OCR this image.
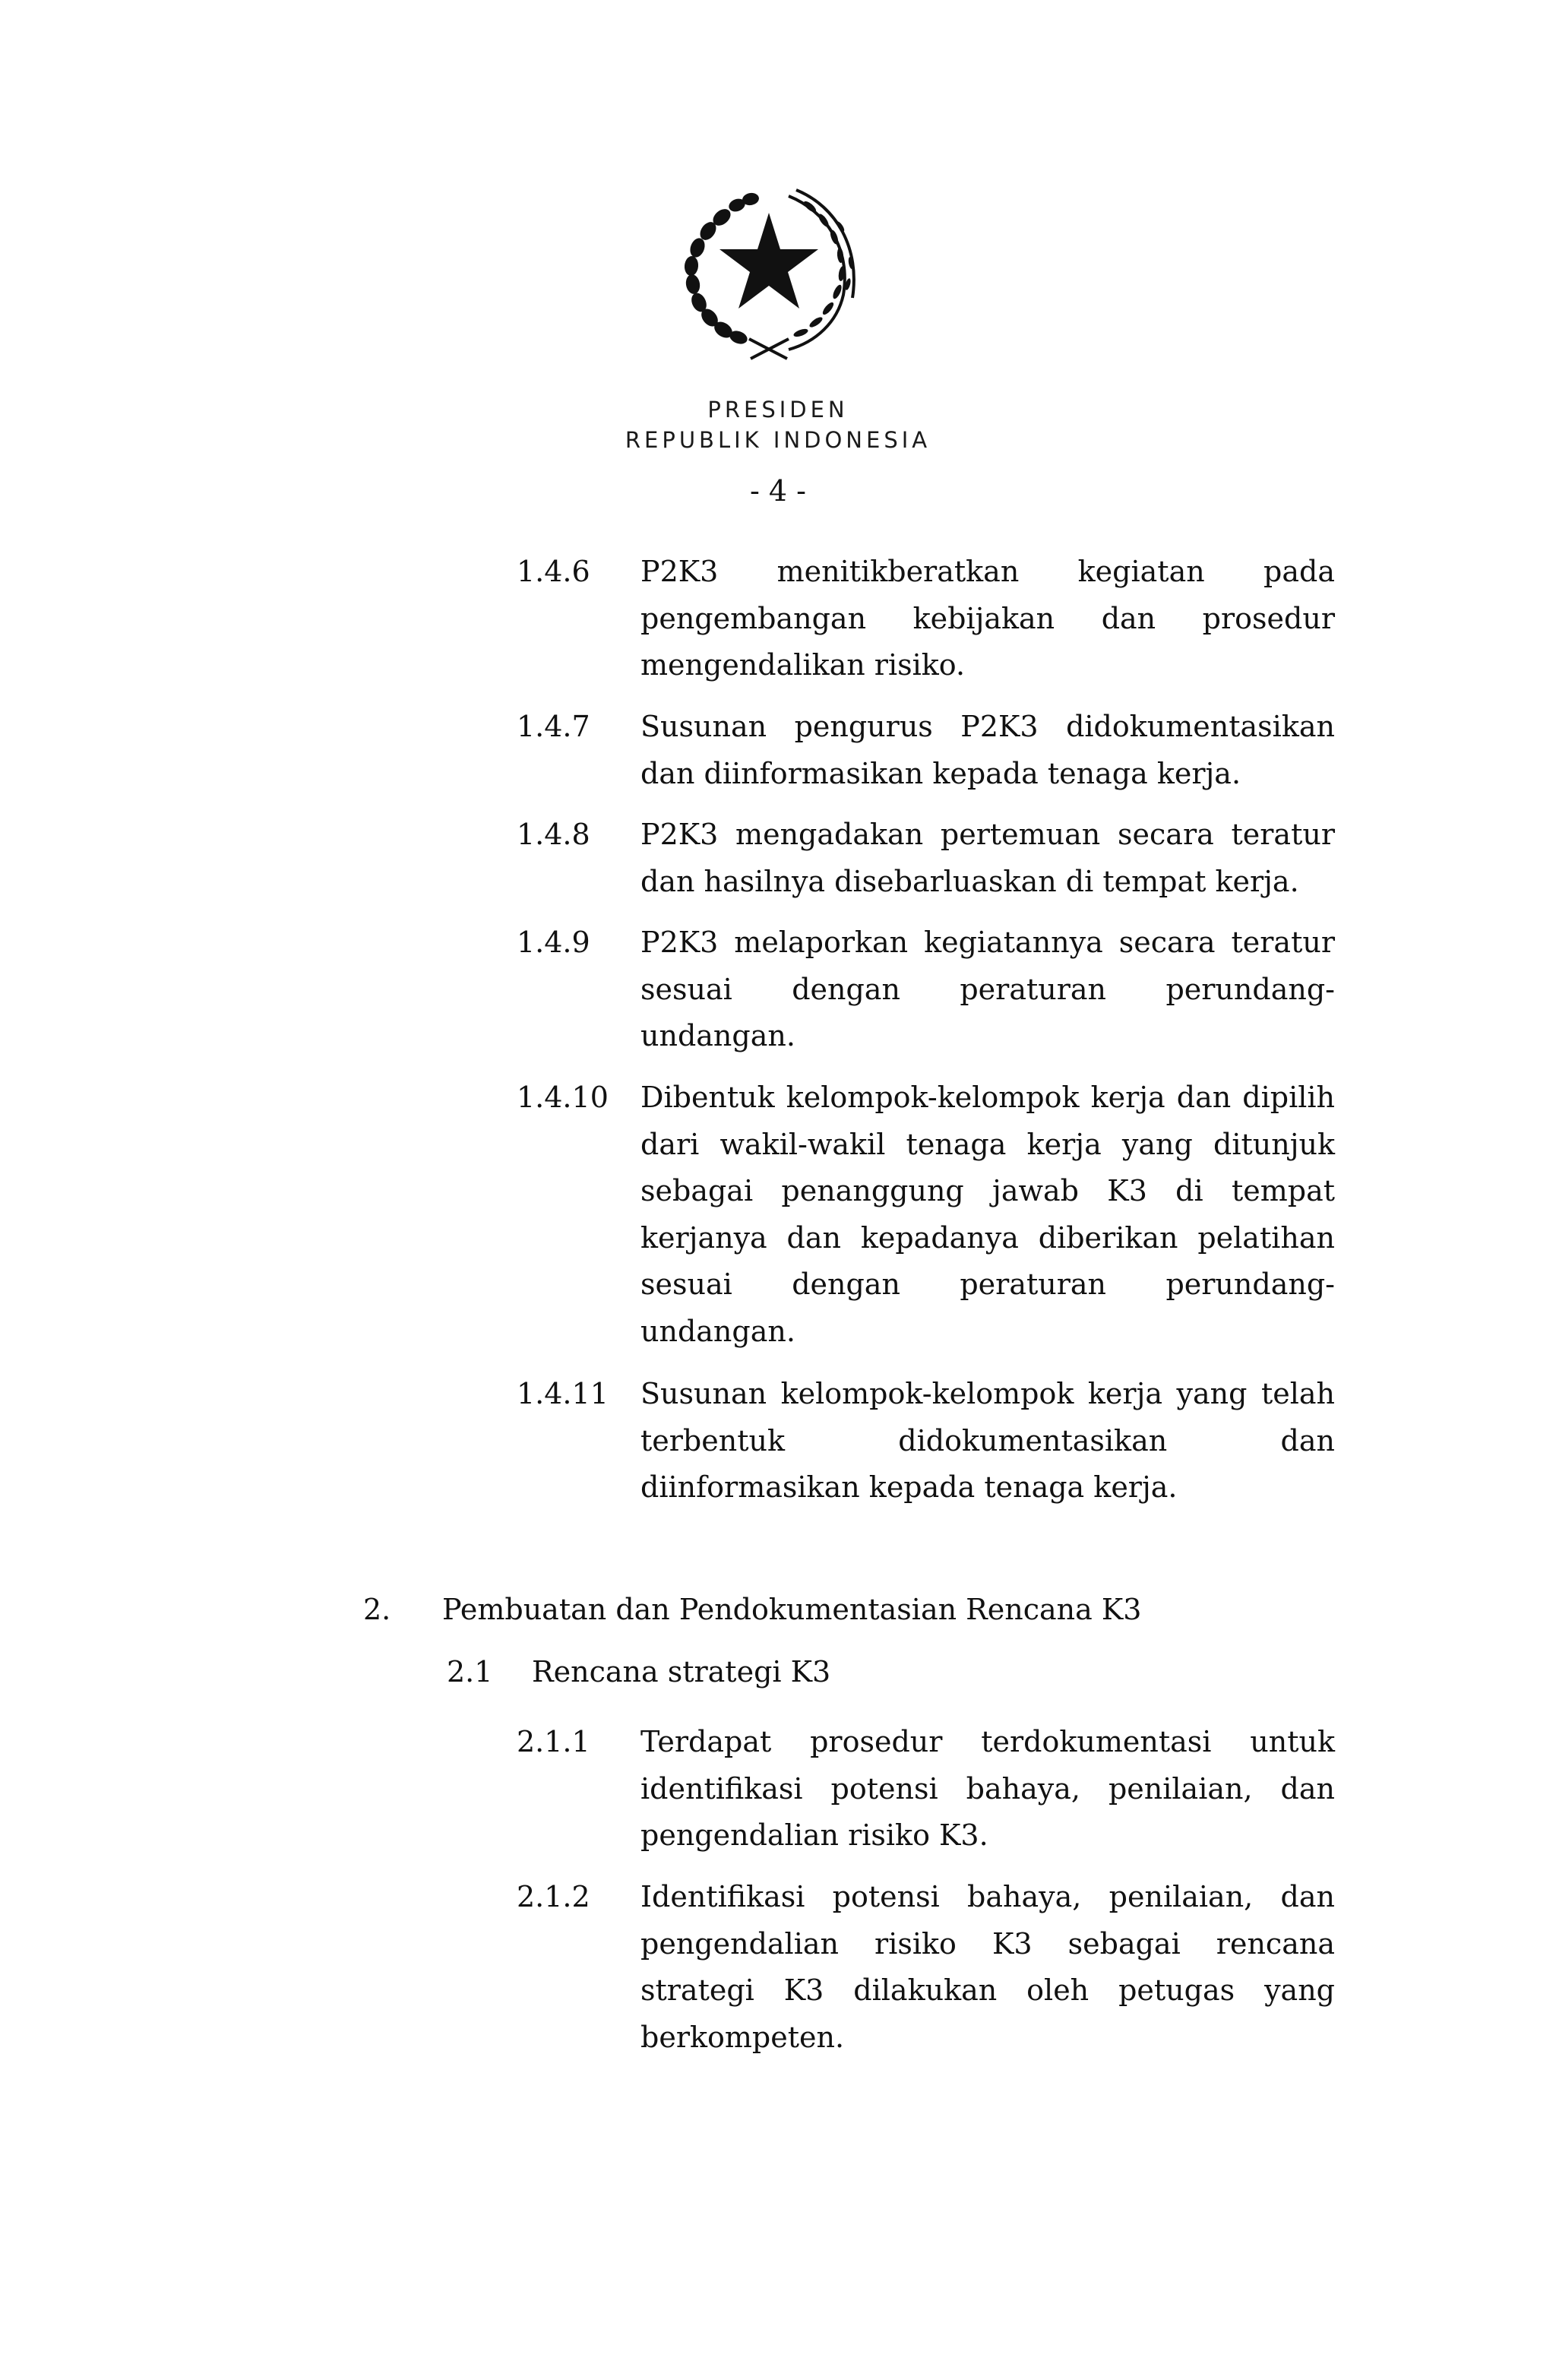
PRESIDEN
REPUBLIK INDONESIA
- 4 -
1.4.6 P2K3 menitikberatkan kegiatan pada pengembangan kebijakan dan prosedur mengendalikan risiko.
1.4.7 Susunan pengurus P2K3 didokumentasikan dan diinformasikan kepada tenaga kerja.
1.4.8 P2K3 mengadakan pertemuan secara teratur dan hasilnya disebarluaskan di tempat kerja.
1.4.9 P2K3 melaporkan kegiatannya secara teratur sesuai dengan peraturan perundang-undangan.
1.4.10 Dibentuk kelompok-kelompok kerja dan dipilih dari wakil-wakil tenaga kerja yang ditunjuk sebagai penanggung jawab K3 di tempat kerjanya dan kepadanya diberikan pelatihan sesuai dengan peraturan perundang-undangan.
1.4.11 Susunan kelompok-kelompok kerja yang telah terbentuk didokumentasikan dan diinformasikan kepada tenaga kerja.
2. Pembuatan dan Pendokumentasian Rencana K3
2.1 Rencana strategi K3
2.1.1 Terdapat prosedur terdokumentasi untuk identifikasi potensi bahaya, penilaian, dan pengendalian risiko K3.
2.1.2 Identifikasi potensi bahaya, penilaian, dan pengendalian risiko K3 sebagai rencana strategi K3 dilakukan oleh petugas yang berkompeten.
